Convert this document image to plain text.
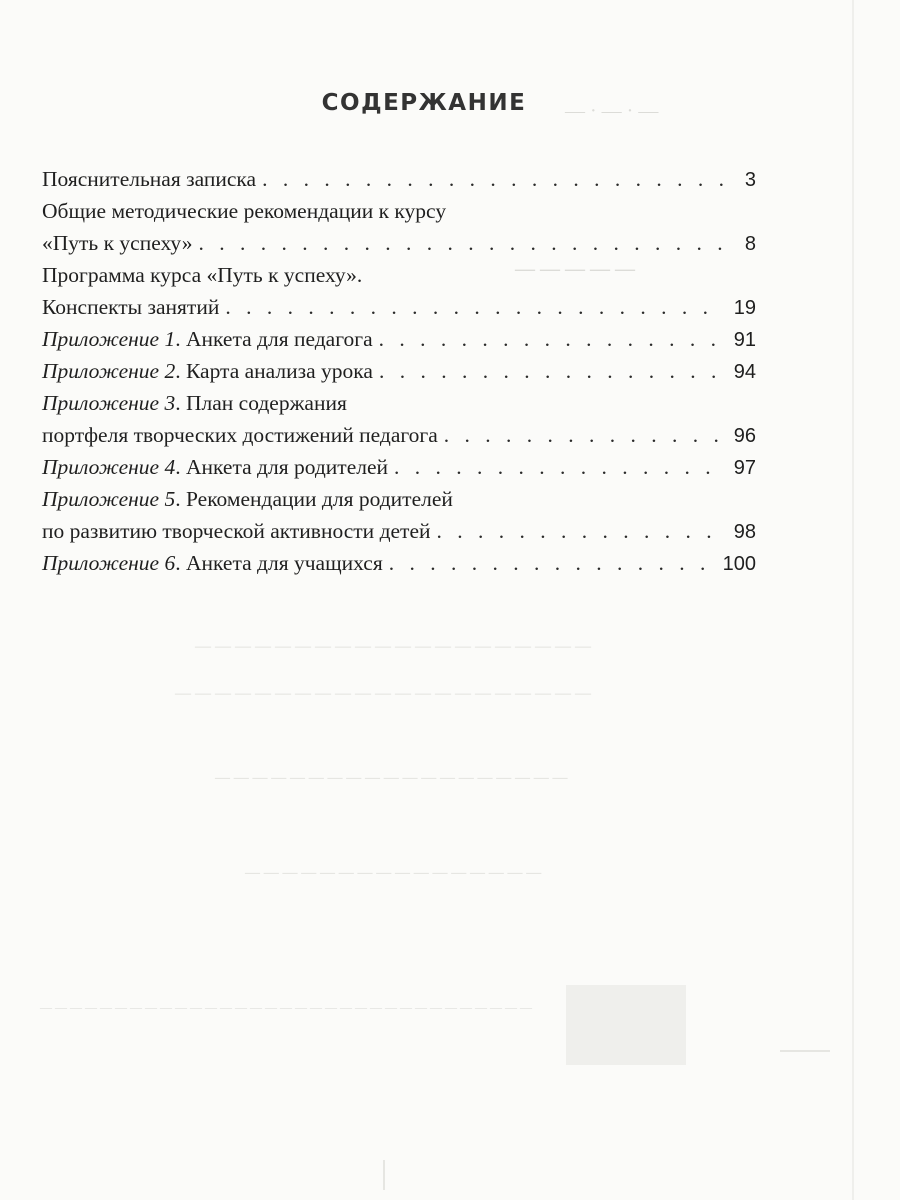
— · — · —
— — — — —
— — — — — — — — — — — — — — — — — — — —
— — — — — — — — — — — — — — — — — — — — —
— — — — — — — — — — — — — — — — — — —
— — — — — — — — — — — — — — — —
— — — — — — — — — — — — — — — — — — — — — — — — — — — — — — — — —
СОДЕРЖАНИЕ
Пояснительная записка . . .	3
Общие методические рекомендации к курсу
«Путь к успеху» . . .	8
Программа курса «Путь к успеху».
Конспекты занятий . . .	19
Приложение 1 . Анкета для педагога . . .	91
Приложение 2 . Карта анализа урока . . .	94
Приложение 3 . План содержания
портфеля творческих достижений педагога . . .	96
Приложение 4 . Анкета для родителей . . .	97
Приложение 5 . Рекомендации для родителей
по развитию творческой активности детей . . .	98
Приложение 6 . Анкета для учащихся . . .	100
